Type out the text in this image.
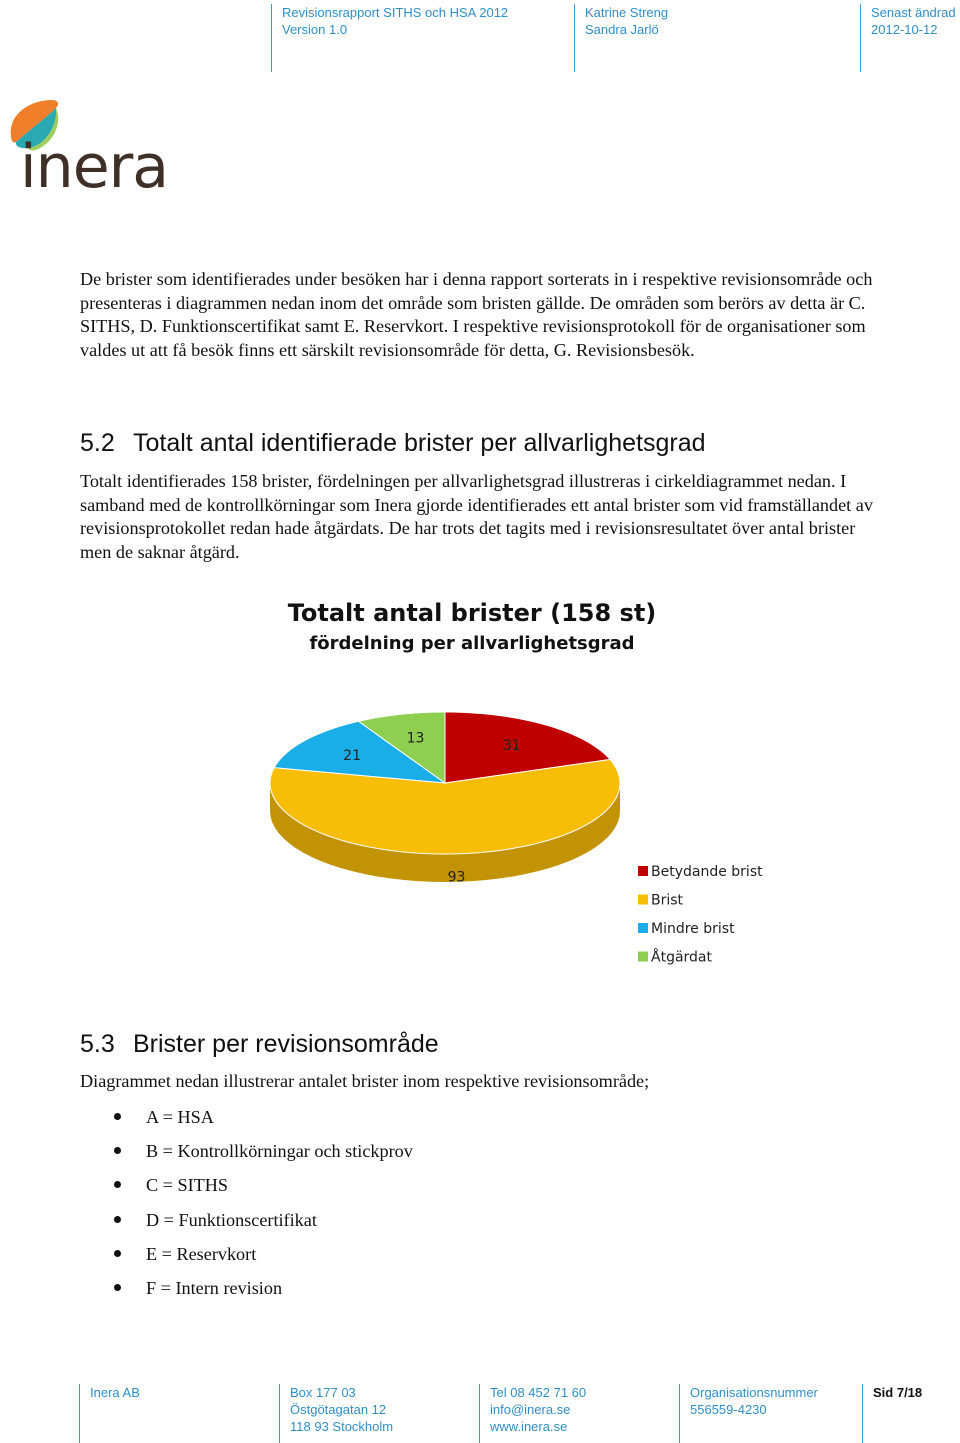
Revisionsrapport SITHS och HSA 2012
Version 1.0
Katrine Streng
Sandra Jarlö
Senast ändrad
2012-10-12
inera

De brister som identifierades under besöken har i denna rapport sorterats in i respektive revisionsområde och presenteras i diagrammen nedan inom det område som bristen gällde. De områden som berörs av detta är C. SITHS, D. Funktionscertifikat samt E. Reservkort. I respektive revisionsprotokoll för de organisationer som valdes ut att få besök finns ett särskilt revisionsområde för detta, G. Revisionsbesök.

5.2 Totalt antal identifierade brister per allvarlighetsgrad

Totalt identifierades 158 brister, fördelningen per allvarlighetsgrad illustreras i cirkeldiagrammet nedan. I samband med de kontrollkörningar som Inera gjorde identifierades ett antal brister som vid framställandet av revisionsprotokollet redan hade åtgärdats. De har trots det tagits med i revisionsresultatet över antal brister men de saknar åtgärd.

Totalt antal brister (158 st)
fördelning per allvarlighetsgrad
31
93
21
13
Betydande brist
Brist
Mindre brist
Åtgärdat
5.3 Brister per revisionsområde

Diagrammet nedan illustrerar antalet brister inom respektive revisionsområde;

A = HSA
B = Kontrollkörningar och stickprov
C = SITHS
D = Funktionscertifikat
E = Reservkort
F = Intern revision
Inera AB	Box 177 03
Östgötagatan 12
118 93 Stockholm
Tel 08 452 71 60
info@inera.se
www.inera.se
Organisationsnummer
556559-4230
Sid 7/18
